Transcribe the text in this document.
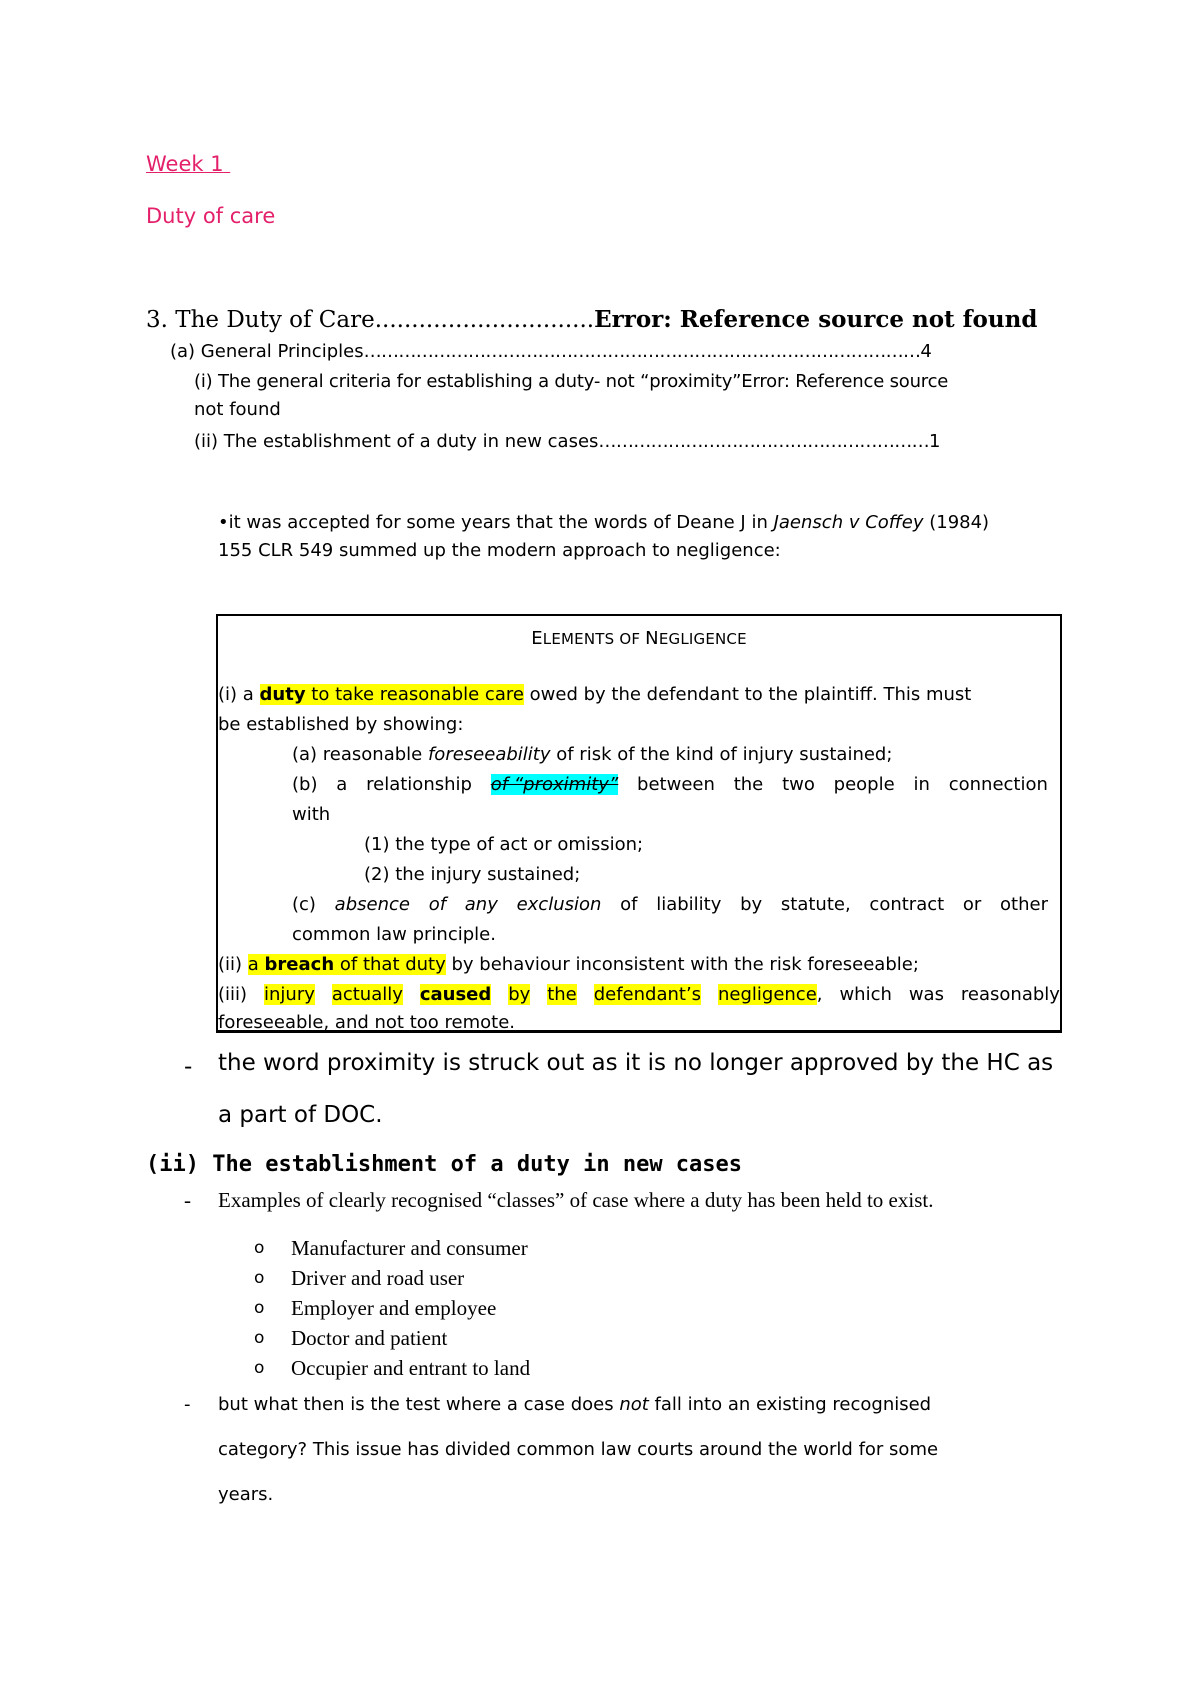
Week 1
Duty of care
3. The Duty of Care..............................Error: Reference source not found
(a) General Principles……………………………………………………………………………………4
(i) The general criteria for establishing a duty- not “proximity”Error: Reference source
not found
(ii) The establishment of a duty in new cases…………………………………………………1
•it was accepted for some years that the words of Deane J in Jaensch v Coffey (1984)
155 CLR 549 summed up the modern approach to negligence:
ELEMENTS OF NEGLIGENCE
(i) a duty to take reasonable care owed by the defendant to the plaintiff. This must
be established by showing:
(a) reasonable foreseeability of risk of the kind of injury sustained;
(b) a relationship of “proximity” between the two people in connection
with
(1) the type of act or omission;
(2) the injury sustained;
(c) absence of any exclusion of liability by statute, contract or other
common law principle.
(ii) a breach of that duty by behaviour inconsistent with the risk foreseeable;
(iii) injury actually caused by the defendant’s negligence, which was reasonably
foreseeable, and not too remote.
- the word proximity is struck out as it is no longer approved by the HC as
a part of DOC.
(ii) The establishment of a duty in new cases
- Examples of clearly recognised “classes” of case where a duty has been held to exist.
o Manufacturer and consumer
o Driver and road user
o Employer and employee
o Doctor and patient
o Occupier and entrant to land
- but what then is the test where a case does not fall into an existing recognised
category? This issue has divided common law courts around the world for some
years.
